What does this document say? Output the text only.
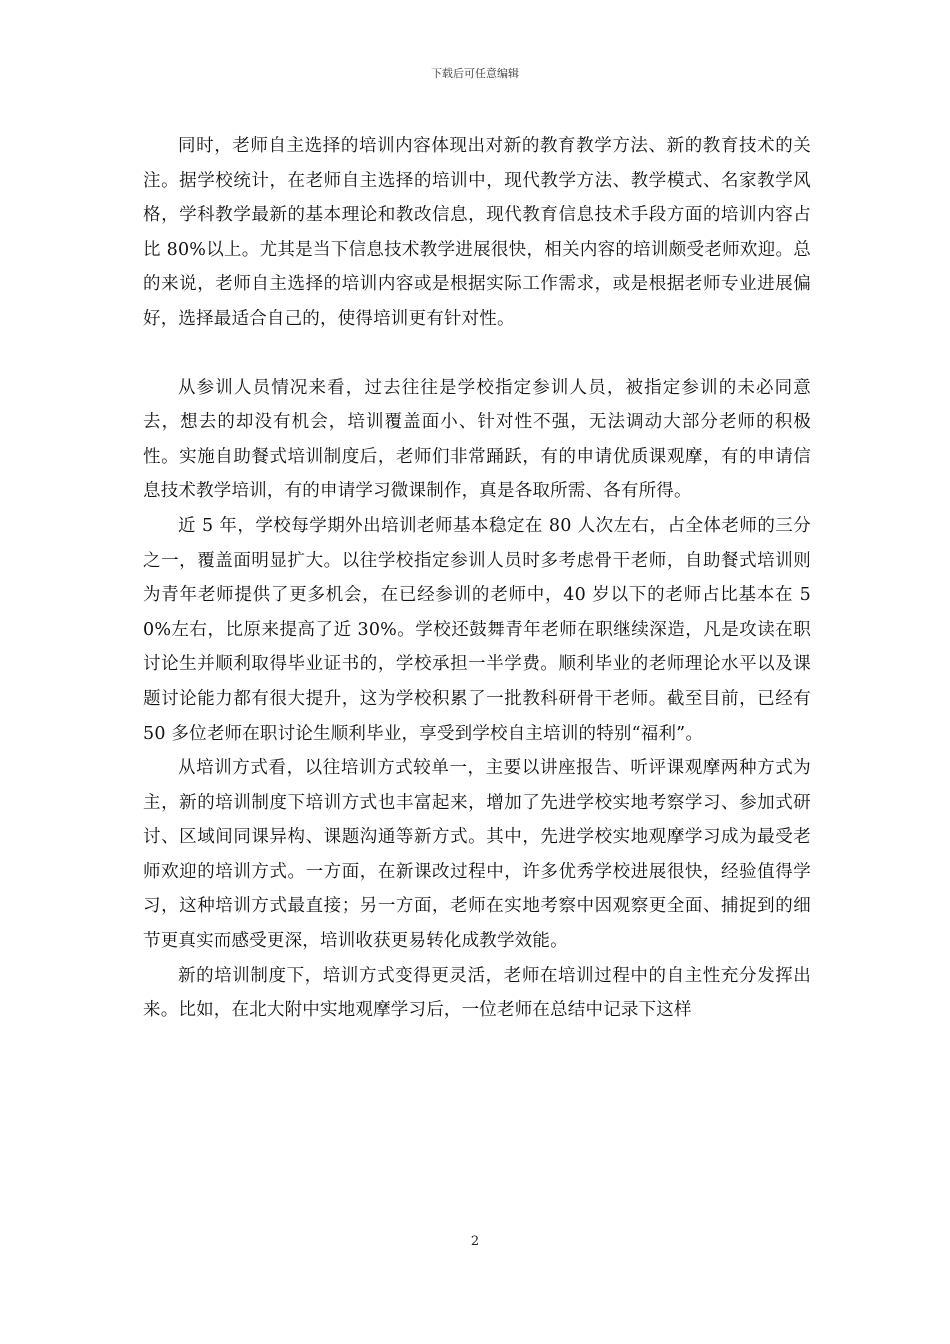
下载后可任意编辑

同时，老师自主选择的培训内容体现出对新的教育教学方法、新的教育技术的关注。据学校统计，在老师自主选择的培训中，现代教学方法、教学模式、名家教学风格，学科教学最新的基本理论和教改信息，现代教育信息技术手段方面的培训内容占比 80%以上。尤其是当下信息技术教学进展很快，相关内容的培训颇受老师欢迎。总的来说，老师自主选择的培训内容或是根据实际工作需求，或是根据老师专业进展偏好，选择最适合自己的，使得培训更有针对性。

从参训人员情况来看，过去往往是学校指定参训人员，被指定参训的未必同意去，想去的却没有机会，培训覆盖面小、针对性不强，无法调动大部分老师的积极性。实施自助餐式培训制度后，老师们非常踊跃，有的申请优质课观摩，有的申请信息技术教学培训，有的申请学习微课制作，真是各取所需、各有所得。

近 5 年，学校每学期外出培训老师基本稳定在 80 人次左右，占全体老师的三分之一，覆盖面明显扩大。以往学校指定参训人员时多考虑骨干老师，自助餐式培训则为青年老师提供了更多机会，在已经参训的老师中，40 岁以下的老师占比基本在 50%左右，比原来提高了近 30%。学校还鼓舞青年老师在职继续深造，凡是攻读在职讨论生并顺利取得毕业证书的，学校承担一半学费。顺利毕业的老师理论水平以及课题讨论能力都有很大提升，这为学校积累了一批教科研骨干老师。截至目前，已经有 50 多位老师在职讨论生顺利毕业，享受到学校自主培训的特别“福利”。

从培训方式看，以往培训方式较单一，主要以讲座报告、听评课观摩两种方式为主，新的培训制度下培训方式也丰富起来，增加了先进学校实地考察学习、参加式研讨、区域间同课异构、课题沟通等新方式。其中，先进学校实地观摩学习成为最受老师欢迎的培训方式。一方面，在新课改过程中，许多优秀学校进展很快，经验值得学习，这种培训方式最直接；另一方面，老师在实地考察中因观察更全面、捕捉到的细节更真实而感受更深，培训收获更易转化成教学效能。

新的培训制度下，培训方式变得更灵活，老师在培训过程中的自主性充分发挥出来。比如，在北大附中实地观摩学习后，一位老师在总结中记录下这样

2
